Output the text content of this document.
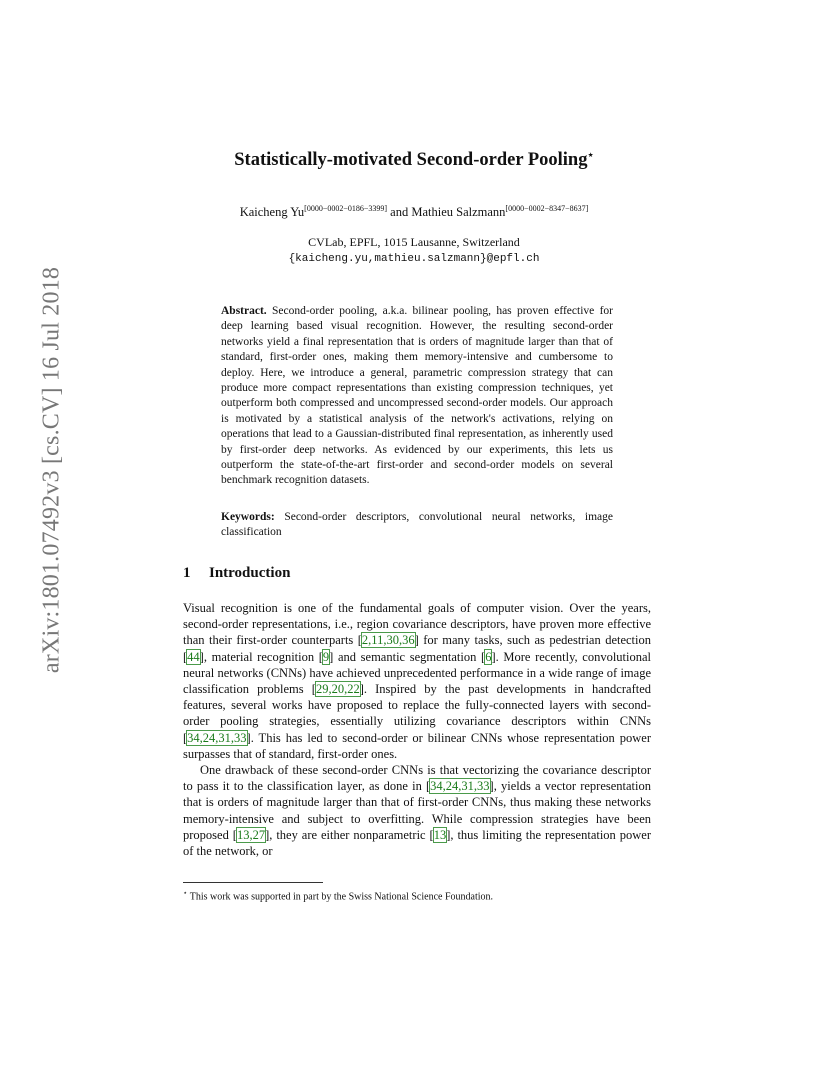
arXiv:1801.07492v3 [cs.CV] 16 Jul 2018
Statistically-motivated Second-order Pooling⋆
Kaicheng Yu[0000−0002−0186−3399] and Mathieu Salzmann[0000−0002−8347−8637]
CVLab, EPFL, 1015 Lausanne, Switzerland
{kaicheng.yu,mathieu.salzmann}@epfl.ch
Abstract. Second-order pooling, a.k.a. bilinear pooling, has proven effective for deep learning based visual recognition. However, the resulting second-order networks yield a final representation that is orders of magnitude larger than that of standard, first-order ones, making them memory-intensive and cumbersome to deploy. Here, we introduce a general, parametric compression strategy that can produce more compact representations than existing compression techniques, yet outperform both compressed and uncompressed second-order models. Our approach is motivated by a statistical analysis of the network's activations, relying on operations that lead to a Gaussian-distributed final representation, as inherently used by first-order deep networks. As evidenced by our experiments, this lets us outperform the state-of-the-art first-order and second-order models on several benchmark recognition datasets.
Keywords: Second-order descriptors, convolutional neural networks, image classification
1 Introduction

Visual recognition is one of the fundamental goals of computer vision. Over the years, second-order representations, i.e., region covariance descriptors, have proven more effective than their first-order counterparts [2,11,30,36] for many tasks, such as pedestrian detection [44], material recognition [9] and semantic segmentation [6]. More recently, convolutional neural networks (CNNs) have achieved unprecedented performance in a wide range of image classification problems [29,20,22]. Inspired by the past developments in handcrafted features, several works have proposed to replace the fully-connected layers with second-order pooling strategies, essentially utilizing covariance descriptors within CNNs [34,24,31,33]. This has led to second-order or bilinear CNNs whose representation power surpasses that of standard, first-order ones.

One drawback of these second-order CNNs is that vectorizing the covariance descriptor to pass it to the classification layer, as done in [34,24,31,33], yields a vector representation that is orders of magnitude larger than that of first-order CNNs, thus making these networks memory-intensive and subject to overfitting. While compression strategies have been proposed [13,27], they are either nonparametric [13], thus limiting the representation power of the network, or

⋆ This work was supported in part by the Swiss National Science Foundation.
